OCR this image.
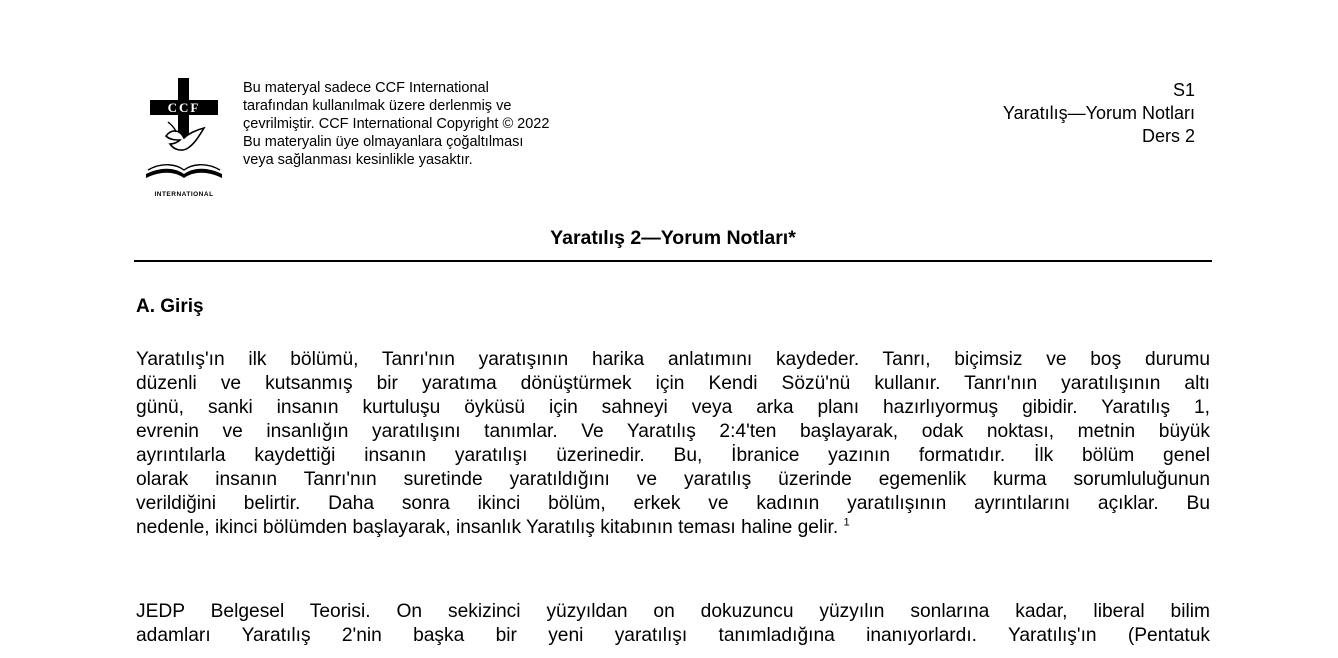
CCF
INTERNATIONAL
Bu materyal sadece CCF International
tarafından kullanılmak üzere derlenmiş ve
çevrilmiştir. CCF International Copyright © 2022
Bu materyalin üye olmayanlara çoğaltılması
veya sağlanması kesinlikle yasaktır.
S1
Yaratılış—Yorum Notları
Ders 2
Yaratılış 2—Yorum Notları*
A. Giriş
Yaratılış'ın ilk bölümü, Tanrı'nın yaratışının harika anlatımını kaydeder. Tanrı, biçimsiz ve boş durumu
düzenli ve kutsanmış bir yaratıma dönüştürmek için Kendi Sözü'nü kullanır. Tanrı'nın yaratılışının altı
günü, sanki insanın kurtuluşu öyküsü için sahneyi veya arka planı hazırlıyormuş gibidir. Yaratılış 1,
evrenin ve insanlığın yaratılışını tanımlar. Ve Yaratılış 2:4'ten başlayarak, odak noktası, metnin büyük
ayrıntılarla kaydettiği insanın yaratılışı üzerinedir. Bu, İbranice yazının formatıdır. İlk bölüm genel
olarak insanın Tanrı'nın suretinde yaratıldığını ve yaratılış üzerinde egemenlik kurma sorumluluğunun
verildiğini belirtir. Daha sonra ikinci bölüm, erkek ve kadının yaratılışının ayrıntılarını açıklar. Bu
nedenle, ikinci bölümden başlayarak, insanlık Yaratılış kitabının teması haline gelir. $^1$
JEDP Belgesel Teorisi. On sekizinci yüzyıldan on dokuzuncu yüzyılın sonlarına kadar, liberal bilim
adamları Yaratılış 2'nin başka bir yeni yaratılışı tanımladığına inanıyorlardı. Yaratılış'ın (Pentatuk
